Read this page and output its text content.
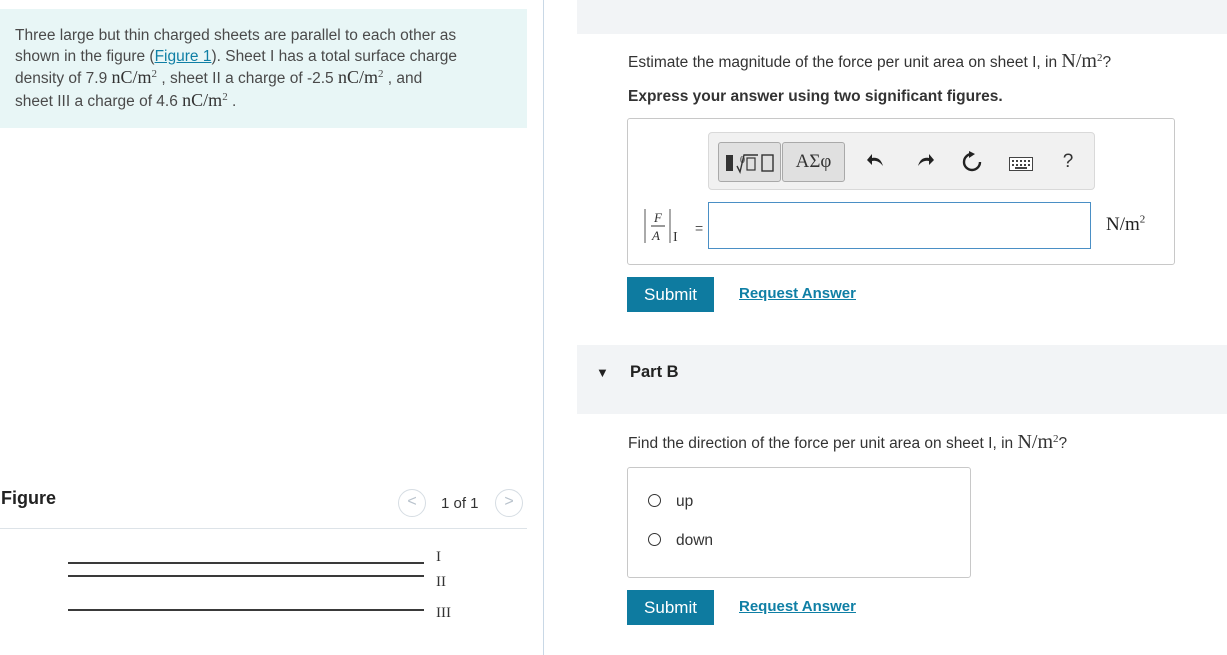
Three large but thin charged sheets are parallel to each other as
shown in the figure (Figure 1). Sheet I has a total surface charge
density of 7.9 $nC/m^2$ , sheet II a charge of -2.5 $nC/m^2$ , and
sheet III a charge of 4.6 $nC/m^2$ .
Figure	<	1 of 1	>
I
II
III
Estimate the magnitude of the force per unit area on sheet I, in $N/m^2$?
Express your answer using two significant figures.
0	ΑΣφ	?
F
A I
=	$N/m^2$
Submit	Request Answer
▼ Part B
Find the direction of the force per unit area on sheet I, in $N/m^2$?
up
down
Submit	Request Answer
